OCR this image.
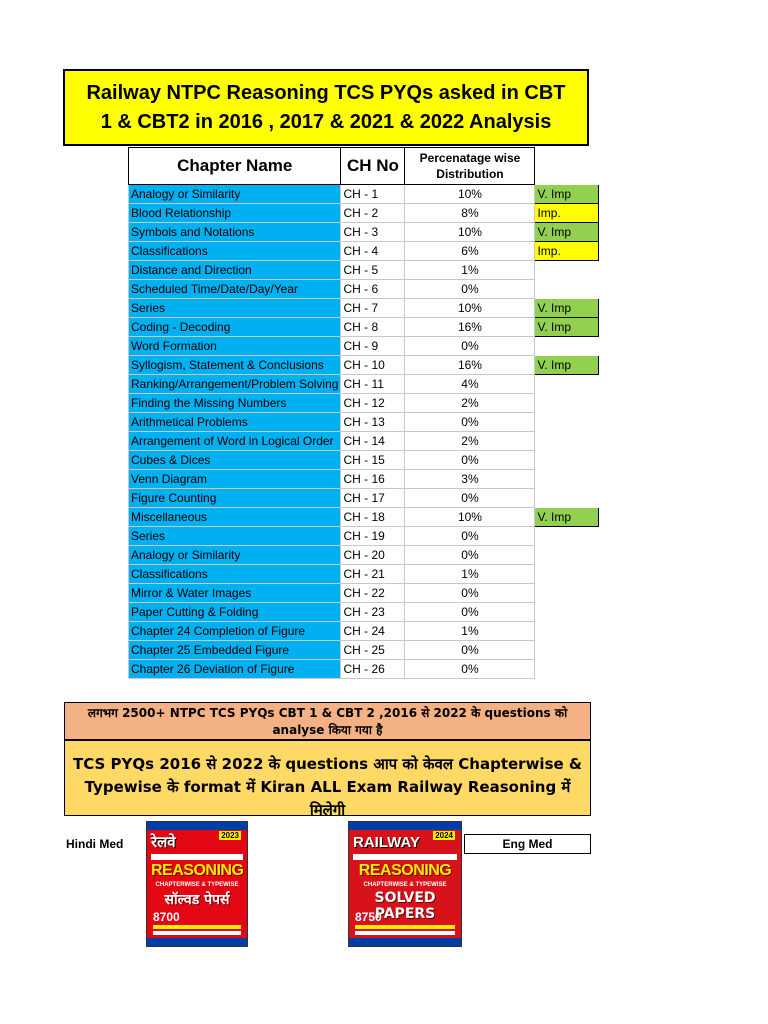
Railway NTPC Reasoning TCS PYQs asked in CBT 1 & CBT2 in 2016 , 2017 & 2021 & 2022 Analysis
Chapter Name	CH No	Percenatage wise Distribution	
Analogy or Similarity	CH - 1	10%	V. Imp
Blood Relationship	CH - 2	8%	Imp.
Symbols and Notations	CH - 3	10%	V. Imp
Classifications	CH - 4	6%	Imp.
Distance and Direction	CH - 5	1%	
Scheduled Time/Date/Day/Year	CH - 6	0%	
Series	CH - 7	10%	V. Imp
Coding - Decoding	CH - 8	16%	V. Imp
Word Formation	CH - 9	0%	
Syllogism, Statement & Conclusions	CH - 10	16%	V. Imp
Ranking/Arrangement/Problem Solving	CH - 11	4%	
Finding the Missing Numbers	CH - 12	2%	
Arithmetical Problems	CH - 13	0%	
Arrangement of Word in Logical Order	CH - 14	2%	
Cubes & Dices	CH - 15	0%	
Venn Diagram	CH - 16	3%	
Figure Counting	CH - 17	0%	
Miscellaneous	CH - 18	10%	V. Imp
Series	CH - 19	0%	
Analogy or Similarity	CH - 20	0%	
Classifications	CH - 21	1%	
Mirror & Water Images	CH - 22	0%	
Paper Cutting & Folding	CH - 23	0%	
Chapter 24 Completion of Figure	CH - 24	1%	
Chapter 25 Embedded Figure	CH - 25	0%	
Chapter 26 Deviation of Figure	CH - 26	0%	
लगभग 2500+ NTPC TCS PYQs CBT 1 & CBT 2 ,2016 से 2022 के questions को analyse किया गया है
TCS PYQs 2016 से 2022 के questions आप को केवल Chapterwise & Typewise के format में Kiran ALL Exam Railway Reasoning में मिलेगी
Hindi Med	Eng Med
रेलवे	2023
REASONING
CHAPTERWISE & TYPEWISE
सॉल्वड पेपर्स
8700
RAILWAY	2024
REASONING
CHAPTERWISE & TYPEWISE
SOLVED PAPERS
8750
